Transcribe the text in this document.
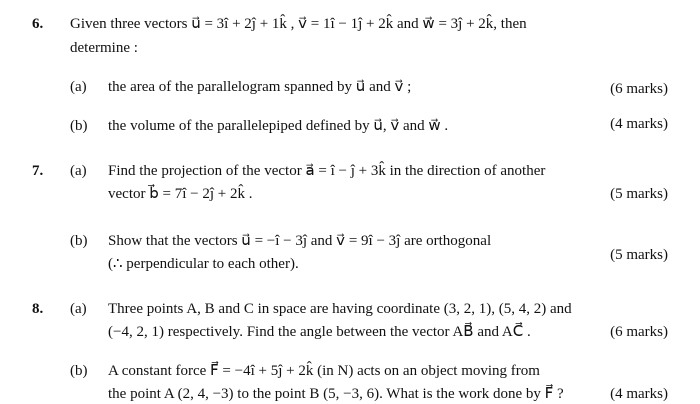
6. Given three vectors u⃗ = 3î + 2ĵ + 1k̂ , v⃗ = 1î − 1ĵ + 2k̂ and w⃗ = 3ĵ + 2k̂, then
determine :
(a) the area of the parallelogram spanned by u⃗ and v⃗ ;	(6 marks)
(b) the volume of the parallelepiped defined by u⃗, v⃗ and w⃗ .	(4 marks)
7. (a) Find the projection of the vector a⃗ = î − ĵ + 3k̂ in the direction of another
vector b⃗ = 7î − 2ĵ + 2k̂ .	(5 marks)
(b) Show that the vectors u⃗ = −î − 3ĵ and v⃗ = 9î − 3ĵ are orthogonal
(∴ perpendicular to each other).
(5 marks)
8. (a) Three points A, B and C in space are having coordinate (3, 2, 1), (5, 4, 2) and
(−4, 2, 1) respectively. Find the angle between the vector AB⃗ and AC⃗ .	(6 marks)
(b) A constant force F⃗ = −4î + 5ĵ + 2k̂ (in N) acts on an object moving from
the point A (2, 4, −3) to the point B (5, −3, 6). What is the work done by F⃗ ?	(4 marks)
